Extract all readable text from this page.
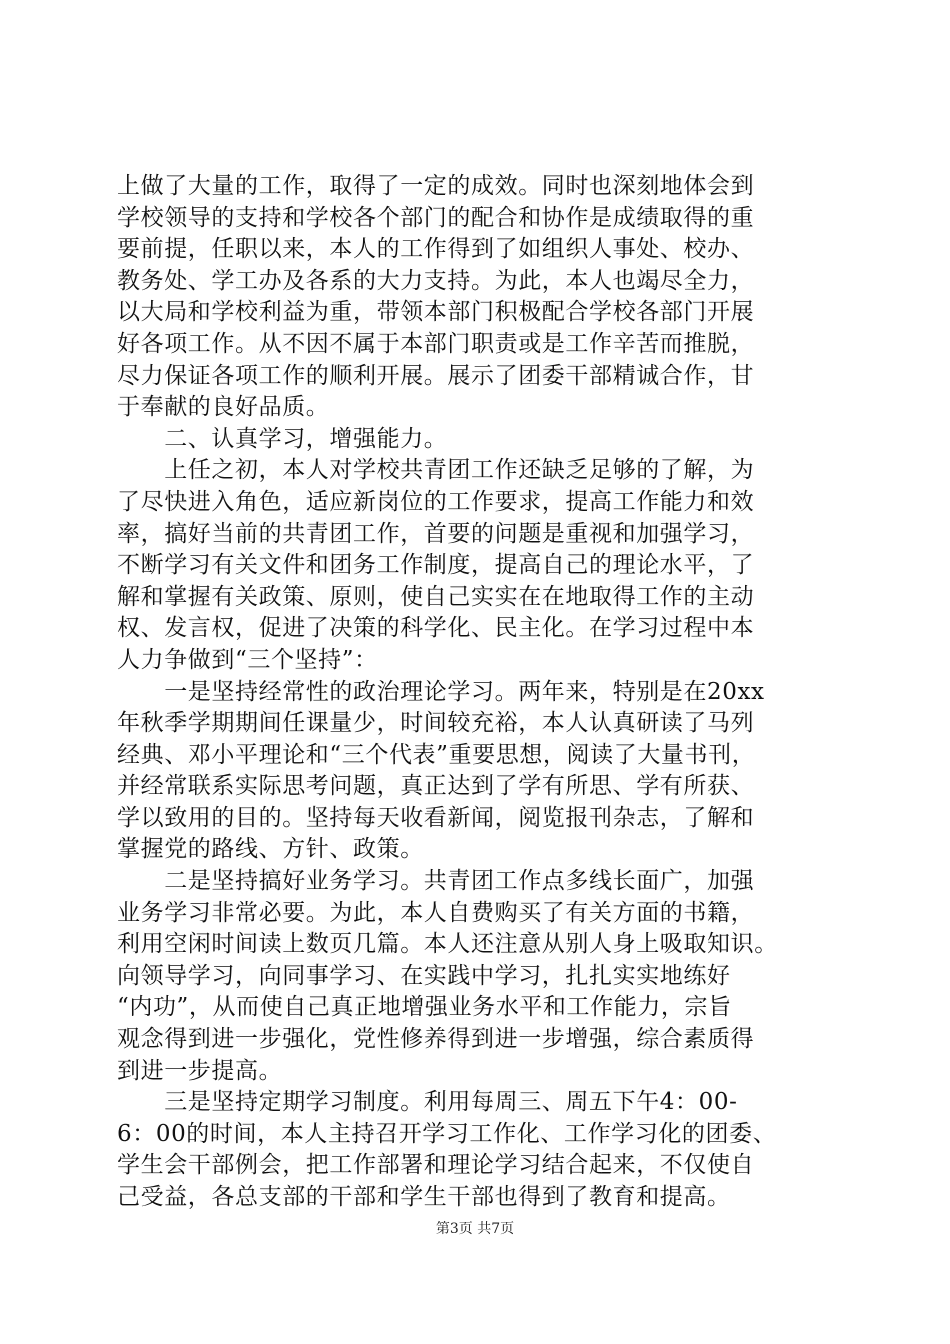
上做了大量的工作，取得了一定的成效。同时也深刻地体会到
学校领导的支持和学校各个部门的配合和协作是成绩取得的重
要前提，任职以来，本人的工作得到了如组织人事处、校办、
教务处、学工办及各系的大力支持。为此，本人也竭尽全力，
以大局和学校利益为重，带领本部门积极配合学校各部门开展
好各项工作。从不因不属于本部门职责或是工作辛苦而推脱，
尽力保证各项工作的顺利开展。展示了团委干部精诚合作，甘
于奉献的良好品质。
　　二、认真学习，增强能力。
　　上任之初，本人对学校共青团工作还缺乏足够的了解，为
了尽快进入角色，适应新岗位的工作要求，提高工作能力和效
率，搞好当前的共青团工作，首要的问题是重视和加强学习，
不断学习有关文件和团务工作制度，提高自己的理论水平，了
解和掌握有关政策、原则，使自己实实在在地取得工作的主动
权、发言权，促进了决策的科学化、民主化。在学习过程中本
人力争做到“三个坚持”：
　　一是坚持经常性的政治理论学习。两年来，特别是在20xx
年秋季学期期间任课量少，时间较充裕，本人认真研读了马列
经典、邓小平理论和“三个代表”重要思想，阅读了大量书刊，
并经常联系实际思考问题，真正达到了学有所思、学有所获、
学以致用的目的。坚持每天收看新闻，阅览报刊杂志，了解和
掌握党的路线、方针、政策。
　　二是坚持搞好业务学习。共青团工作点多线长面广，加强
业务学习非常必要。为此，本人自费购买了有关方面的书籍，
利用空闲时间读上数页几篇。本人还注意从别人身上吸取知识。
向领导学习，向同事学习、在实践中学习，扎扎实实地练好
“内功”，从而使自己真正地增强业务水平和工作能力，宗旨
观念得到进一步强化，党性修养得到进一步增强，综合素质得
到进一步提高。
　　三是坚持定期学习制度。利用每周三、周五下午4：00-
6：00的时间，本人主持召开学习工作化、工作学习化的团委、
学生会干部例会，把工作部署和理论学习结合起来，不仅使自
己受益，各总支部的干部和学生干部也得到了教育和提高。
第3页 共7页
